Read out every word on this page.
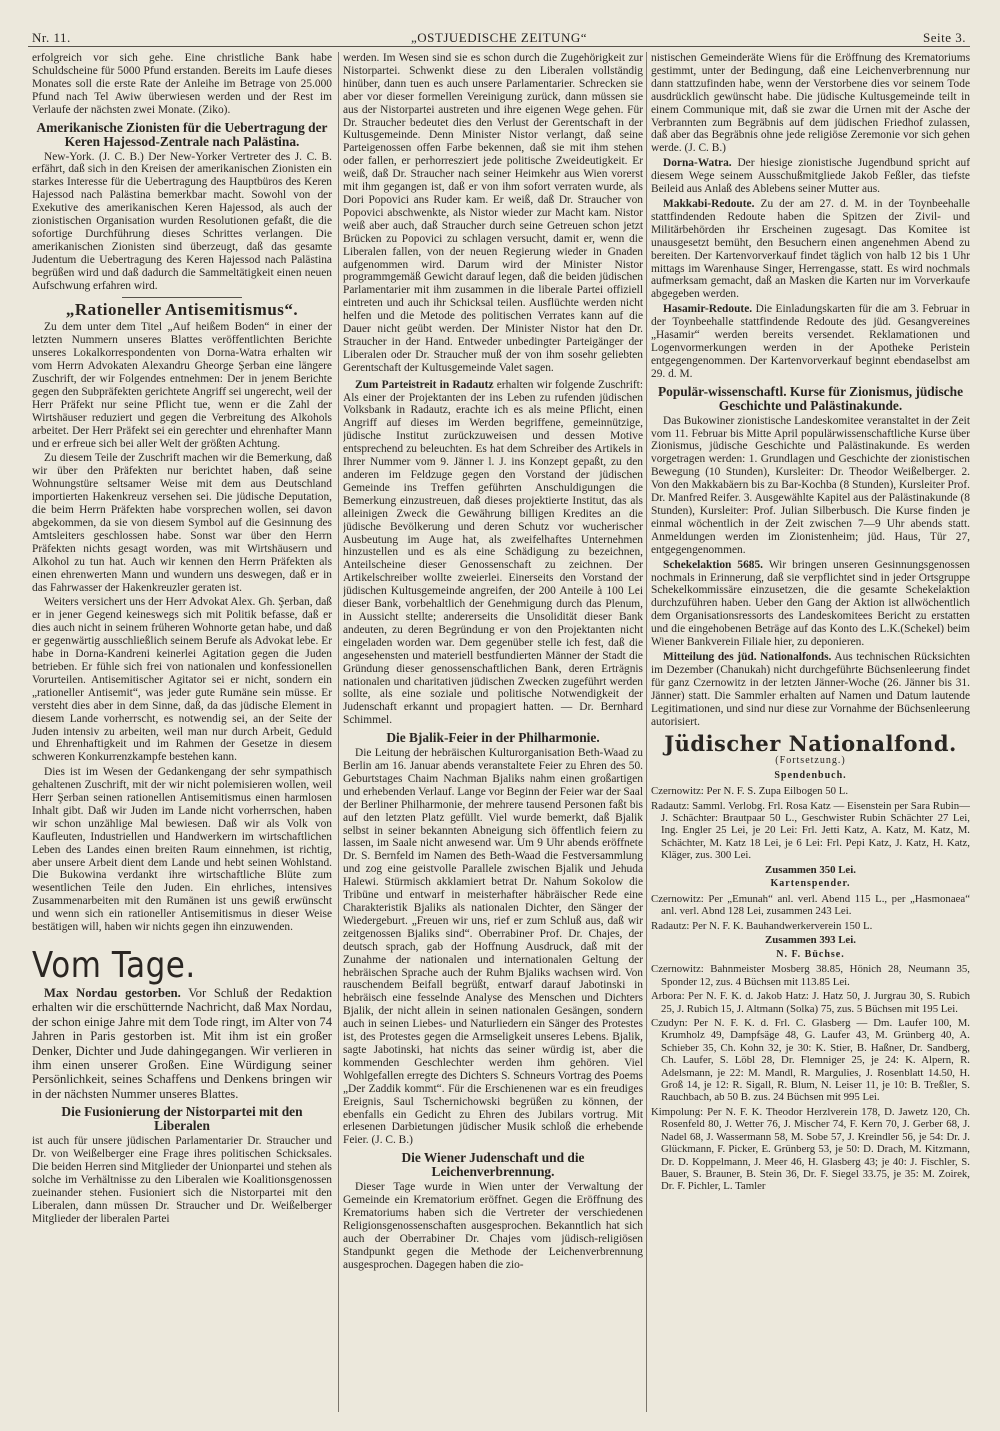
Nr. 11.	„OSTJUEDISCHE ZEITUNG“	Seite 3.

erfolgreich vor sich gehe. Eine christliche Bank habe Schuldscheine für 5000 Pfund erstanden. Bereits im Laufe dieses Monates soll die erste Rate der Anleihe im Betrage von 25.000 Pfund nach Tel Awiw überwiesen werden und der Rest im Verlaufe der nächsten zwei Monate. (Ziko).

Amerikanische Zionisten für die Uebertragung der Keren Hajessod-Zentrale nach Palästina.

New-York. (J. C. B.) Der New-Yorker Vertreter des J. C. B. erfährt, daß sich in den Kreisen der amerikanischen Zionisten ein starkes Interesse für die Uebertragung des Hauptbüros des Keren Hajessod nach Palästina bemerkbar macht. Sowohl von der Exekutive des amerikanischen Keren Hajessod, als auch der zionistischen Organisation wurden Resolutionen gefaßt, die die sofortige Durchführung dieses Schrittes verlangen. Die amerikanischen Zionisten sind überzeugt, daß das gesamte Judentum die Uebertragung des Keren Hajessod nach Palästina begrüßen wird und daß dadurch die Sammeltätigkeit einen neuen Aufschwung erfahren wird.

„Rationeller Antisemitismus“.

Zu dem unter dem Titel „Auf heißem Boden“ in einer der letzten Nummern unseres Blattes veröffentlichten Berichte unseres Lokalkorrespondenten von Dorna-Watra erhalten wir vom Herrn Advokaten Alexandru Gheorge Şerban eine längere Zuschrift, der wir Folgendes entnehmen: Der in jenem Berichte gegen den Subpräfekten gerichtete Angriff sei ungerecht, weil der Herr Präfekt nur seine Pflicht tue, wenn er die Zahl der Wirtshäuser reduziert und gegen die Verbreitung des Alkohols arbeitet. Der Herr Präfekt sei ein gerechter und ehrenhafter Mann und er erfreue sich bei aller Welt der größten Achtung.

Zu diesem Teile der Zuschrift machen wir die Bemerkung, daß wir über den Präfekten nur berichtet haben, daß seine Wohnungstüre seltsamer Weise mit dem aus Deutschland importierten Hakenkreuz versehen sei. Die jüdische Deputation, die beim Herrn Präfekten habe vorsprechen wollen, sei davon abgekommen, da sie von diesem Symbol auf die Gesinnung des Amtsleiters geschlossen habe. Sonst war über den Herrn Präfekten nichts gesagt worden, was mit Wirtshäusern und Alkohol zu tun hat. Auch wir kennen den Herrn Präfekten als einen ehrenwerten Mann und wundern uns deswegen, daß er in das Fahrwasser der Hakenkreuzler geraten ist.

Weiters versichert uns der Herr Advokat Alex. Gh. Şerban, daß er in jener Gegend keineswegs sich mit Politik befasse, daß er dies auch nicht in seinem früheren Wohnorte getan habe, und daß er gegenwärtig ausschließlich seinem Berufe als Advokat lebe. Er habe in Dorna-Kandreni keinerlei Agitation gegen die Juden betrieben. Er fühle sich frei von nationalen und konfessionellen Vorurteilen. Antisemitischer Agitator sei er nicht, sondern ein „rationeller Antisemit“, was jeder gute Rumäne sein müsse. Er versteht dies aber in dem Sinne, daß, da das jüdische Element in diesem Lande vorherrscht, es notwendig sei, an der Seite der Juden intensiv zu arbeiten, weil man nur durch Arbeit, Geduld und Ehrenhaftigkeit und im Rahmen der Gesetze in diesem schweren Konkurrenzkampfe bestehen kann.

Dies ist im Wesen der Gedankengang der sehr sympathisch gehaltenen Zuschrift, mit der wir nicht polemisieren wollen, weil Herr Şerban seinen rationellen Antisemitismus einen harmlosen Inhalt gibt. Daß wir Juden im Lande nicht vorherrschen, haben wir schon unzählige Mal bewiesen. Daß wir als Volk von Kaufleuten, Industriellen und Handwerkern im wirtschaftlichen Leben des Landes einen breiten Raum einnehmen, ist richtig, aber unsere Arbeit dient dem Lande und hebt seinen Wohlstand. Die Bukowina verdankt ihre wirtschaftliche Blüte zum wesentlichen Teile den Juden. Ein ehrliches, intensives Zusammenarbeiten mit den Rumänen ist uns gewiß erwünscht und wenn sich ein rationeller Antisemitismus in dieser Weise bestätigen will, haben wir nichts gegen ihn einzuwenden.

Vom Tage.

Max Nordau gestorben. Vor Schluß der Redaktion erhalten wir die erschütternde Nachricht, daß Max Nordau, der schon einige Jahre mit dem Tode ringt, im Alter von 74 Jahren in Paris gestorben ist. Mit ihm ist ein großer Denker, Dichter und Jude dahingegangen. Wir verlieren in ihm einen unserer Großen. Eine Würdigung seiner Persönlichkeit, seines Schaffens und Denkens bringen wir in der nächsten Nummer unseres Blattes.

Die Fusionierung der Nistorpartei mit den Liberalen

ist auch für unsere jüdischen Parlamentarier Dr. Straucher und Dr. von Weißelberger eine Frage ihres politischen Schicksales. Die beiden Herren sind Mitglieder der Unionpartei und stehen als solche im Verhältnisse zu den Liberalen wie Koalitionsgenossen zueinander stehen. Fusioniert sich die Nistorpartei mit den Liberalen, dann müssen Dr. Straucher und Dr. Weißelberger Mitglieder der liberalen Partei

werden. Im Wesen sind sie es schon durch die Zugehörigkeit zur Nistorpartei. Schwenkt diese zu den Liberalen vollständig hinüber, dann tuen es auch unsere Parlamentarier. Schrecken sie aber vor dieser formellen Vereinigung zurück, dann müssen sie aus der Nistorpartei austreten und ihre eigenen Wege gehen. Für Dr. Straucher bedeutet dies den Verlust der Gerentschaft in der Kultusgemeinde. Denn Minister Nistor verlangt, daß seine Parteigenossen offen Farbe bekennen, daß sie mit ihm stehen oder fallen, er perhorresziert jede politische Zweideutigkeit. Er weiß, daß Dr. Straucher nach seiner Heimkehr aus Wien vorerst mit ihm gegangen ist, daß er von ihm sofort verraten wurde, als Dori Popovici ans Ruder kam. Er weiß, daß Dr. Straucher von Popovici abschwenkte, als Nistor wieder zur Macht kam. Nistor weiß aber auch, daß Straucher durch seine Getreuen schon jetzt Brücken zu Popovici zu schlagen versucht, damit er, wenn die Liberalen fallen, von der neuen Regierung wieder in Gnaden aufgenommen wird. Darum wird der Minister Nistor programmgemäß Gewicht darauf legen, daß die beiden jüdischen Parlamentarier mit ihm zusammen in die liberale Partei offiziell eintreten und auch ihr Schicksal teilen. Ausflüchte werden nicht helfen und die Metode des politischen Verrates kann auf die Dauer nicht geübt werden. Der Minister Nistor hat den Dr. Straucher in der Hand. Entweder unbedingter Parteigänger der Liberalen oder Dr. Straucher muß der von ihm sosehr geliebten Gerentschaft der Kultusgemeinde Valet sagen.

Zum Parteistreit in Radautz erhalten wir folgende Zuschrift: Als einer der Projektanten der ins Leben zu rufenden jüdischen Volksbank in Radautz, erachte ich es als meine Pflicht, einen Angriff auf dieses im Werden begriffene, gemeinnützige, jüdische Institut zurückzuweisen und dessen Motive entsprechend zu beleuchten. Es hat dem Schreiber des Artikels in Ihrer Nummer vom 9. Jänner l. J. ins Konzept gepaßt, zu den anderen im Feldzuge gegen den Vorstand der jüdischen Gemeinde ins Treffen geführten Anschuldigungen die Bemerkung einzustreuen, daß dieses projektierte Institut, das als alleinigen Zweck die Gewährung billigen Kredites an die jüdische Bevölkerung und deren Schutz vor wucherischer Ausbeutung im Auge hat, als zweifelhaftes Unternehmen hinzustellen und es als eine Schädigung zu bezeichnen, Anteilscheine dieser Genossenschaft zu zeichnen. Der Artikelschreiber wollte zweierlei. Einerseits den Vorstand der jüdischen Kultusgemeinde angreifen, der 200 Anteile à 100 Lei dieser Bank, vorbehaltlich der Genehmigung durch das Plenum, in Aussicht stellte; andererseits die Unsolidität dieser Bank andeuten, zu deren Begründung er von den Projektanten nicht eingeladen worden war. Dem gegenüber stelle ich fest, daß die angesehensten und materiell bestfundierten Männer der Stadt die Gründung dieser genossenschaftlichen Bank, deren Erträgnis nationalen und charitativen jüdischen Zwecken zugeführt werden sollte, als eine soziale und politische Notwendigkeit der Judenschaft erkannt und propagiert hatten. — Dr. Bernhard Schimmel.

Die Bjalik-Feier in der Philharmonie.

Die Leitung der hebräischen Kulturorganisation Beth-Waad zu Berlin am 16. Januar abends veranstaltete Feier zu Ehren des 50. Geburtstages Chaim Nachman Bjaliks nahm einen großartigen und erhebenden Verlauf. Lange vor Beginn der Feier war der Saal der Berliner Philharmonie, der mehrere tausend Personen faßt bis auf den letzten Platz gefüllt. Viel wurde bemerkt, daß Bjalik selbst in seiner bekannten Abneigung sich öffentlich feiern zu lassen, im Saale nicht anwesend war. Um 9 Uhr abends eröffnete Dr. S. Bernfeld im Namen des Beth-Waad die Festversammlung und zog eine geistvolle Parallele zwischen Bjalik und Jehuda Halewi. Stürmisch akklamiert betrat Dr. Nahum Sokolow die Tribüne und entwarf in meisterhafter häbräischer Rede eine Charakteristik Bjaliks als nationalen Dichter, den Sänger der Wiedergeburt. „Freuen wir uns, rief er zum Schluß aus, daß wir zeitgenossen Bjaliks sind“. Oberrabiner Prof. Dr. Chajes, der deutsch sprach, gab der Hoffnung Ausdruck, daß mit der Zunahme der nationalen und internationalen Geltung der hebräischen Sprache auch der Ruhm Bjaliks wachsen wird. Von rauschendem Beifall begrüßt, entwarf darauf Jabotinski in hebräisch eine fesselnde Analyse des Menschen und Dichters Bjalik, der nicht allein in seinen nationalen Gesängen, sondern auch in seinen Liebes- und Naturliedern ein Sänger des Protestes ist, des Protestes gegen die Armseligkeit unseres Lebens. Bjalik, sagte Jabotinski, hat nichts das seiner würdig ist, aber die kommenden Geschlechter werden ihm gehören. Viel Wohlgefallen erregte des Dichters S. Schneurs Vortrag des Poems „Der Zaddik kommt“. Für die Erschienenen war es ein freudiges Ereignis, Saul Tschernichowski begrüßen zu können, der ebenfalls ein Gedicht zu Ehren des Jubilars vortrug. Mit erlesenen Darbietungen jüdischer Musik schloß die erhebende Feier. (J. C. B.)

Die Wiener Judenschaft und die Leichenverbrennung.

Dieser Tage wurde in Wien unter der Verwaltung der Gemeinde ein Krematorium eröffnet. Gegen die Eröffnung des Krematoriums haben sich die Vertreter der verschiedenen Religionsgenossenschaften ausgesprochen. Bekanntlich hat sich auch der Oberrabiner Dr. Chajes vom jüdisch-religiösen Standpunkt gegen die Methode der Leichenverbrennung ausgesprochen. Dagegen haben die zio-

nistischen Gemeinderäte Wiens für die Eröffnung des Krematoriums gestimmt, unter der Bedingung, daß eine Leichenverbrennung nur dann stattzufinden habe, wenn der Verstorbene dies vor seinem Tode ausdrücklich gewünscht habe. Die jüdische Kultusgemeinde teilt in einem Communique mit, daß sie zwar die Urnen mit der Asche der Verbrannten zum Begräbnis auf dem jüdischen Friedhof zulassen, daß aber das Begräbnis ohne jede religiöse Zeremonie vor sich gehen werde. (J. C. B.)

Dorna-Watra. Der hiesige zionistische Jugendbund spricht auf diesem Wege seinem Ausschußmitgliede Jakob Feßler, das tiefste Beileid aus Anlaß des Ablebens seiner Mutter aus.

Makkabi-Redoute. Zu der am 27. d. M. in der Toynbeehalle stattfindenden Redoute haben die Spitzen der Zivil- und Militärbehörden ihr Erscheinen zugesagt. Das Komitee ist unausgesetzt bemüht, den Besuchern einen angenehmen Abend zu bereiten. Der Kartenvorverkauf findet täglich von halb 12 bis 1 Uhr mittags im Warenhause Singer, Herrengasse, statt. Es wird nochmals aufmerksam gemacht, daß an Masken die Karten nur im Vorverkaufe abgegeben werden.

Hasamir-Redoute. Die Einladungskarten für die am 3. Februar in der Toynbeehalle stattfindende Redoute des jüd. Gesangvereines „Hasamir“ werden bereits versendet. Reklamationen und Logenvormerkungen werden in der Apotheke Peristein entgegengenommen. Der Kartenvorverkauf beginnt ebendaselbst am 29. d. M.

Populär-wissenschaftl. Kurse für Zionismus, jüdische Geschichte und Palästinakunde.

Das Bukowiner zionistische Landeskomitee veranstaltet in der Zeit vom 11. Februar bis Mitte April populärwissenschaftliche Kurse über Zionismus, jüdische Geschichte und Palästinakunde. Es werden vorgetragen werden: 1. Grundlagen und Geschichte der zionistischen Bewegung (10 Stunden), Kursleiter: Dr. Theodor Weißelberger. 2. Von den Makkabäern bis zu Bar-Kochba (8 Stunden), Kursleiter Prof. Dr. Manfred Reifer. 3. Ausgewählte Kapitel aus der Palästinakunde (8 Stunden), Kursleiter: Prof. Julian Silberbusch. Die Kurse finden je einmal wöchentlich in der Zeit zwischen 7—9 Uhr abends statt. Anmeldungen werden im Zionistenheim; jüd. Haus, Tür 27, entgegengenommen.

Schekelaktion 5685. Wir bringen unseren Gesinnungsgenossen nochmals in Erinnerung, daß sie verpflichtet sind in jeder Ortsgruppe Schekelkommissäre einzusetzen, die die gesamte Schekelaktion durchzuführen haben. Ueber den Gang der Aktion ist allwöchentlich dem Organisationsressorts des Landeskomitees Bericht zu erstatten und die eingehobenen Beträge auf das Konto des L.K.(Schekel) beim Wiener Bankverein Filiale hier, zu deponieren.

Mitteilung des jüd. Nationalfonds. Aus technischen Rücksichten im Dezember (Chanukah) nicht durchgeführte Büchsenleerung findet für ganz Czernowitz in der letzten Jänner-Woche (26. Jänner bis 31. Jänner) statt. Die Sammler erhalten auf Namen und Datum lautende Legitimationen, und sind nur diese zur Vornahme der Büchsenleerung autorisiert.

Jüdischer Nationalfond.

(Fortsetzung.)

Spendenbuch.

Czernowitz: Per N. F. S. Zupa Eilbogen 50 L.

Radautz: Samml. Verlobg. Frl. Rosa Katz — Eisenstein per Sara Rubin—J. Schächter: Brautpaar 50 L., Geschwister Rubin Schächter 27 Lei, Ing. Engler 25 Lei, je 20 Lei: Frl. Jetti Katz, A. Katz, M. Katz, M. Schächter, M. Katz 18 Lei, je 6 Lei: Frl. Pepi Katz, J. Katz, H. Katz, Kläger, zus. 300 Lei.

Zusammen 350 Lei.

Kartenspender.

Czernowitz: Per „Emunah“ anl. verl. Abend 115 L., per „Hasmonaea“ anl. verl. Abnd 128 Lei, zusammen 243 Lei.

Radautz: Per N. F. K. Bauhandwerkerverein 150 L.

Zusammen 393 Lei.

N. F. Büchse.

Czernowitz: Bahnmeister Mosberg 38.85, Hönich 28, Neumann 35, Sponder 12, zus. 4 Büchsen mit 113.85 Lei.

Arbora: Per N. F. K. d. Jakob Hatz: J. Hatz 50, J. Jurgrau 30, S. Rubich 25, J. Rubich 15, J. Altmann (Solka) 75, zus. 5 Büchsen mit 195 Lei.

Czudyn: Per N. F. K. d. Frl. C. Glasberg — Dm. Laufer 100, M. Krumholz 49, Dampfsäge 48, G. Laufer 43, M. Grünberg 40, A. Schieber 35, Ch. Kohn 32, je 30: K. Stier, B. Haßner, Dr. Sandberg, Ch. Laufer, S. Löbl 28, Dr. Flemniger 25, je 24: K. Alpern, R. Adelsmann, je 22: M. Mandl, R. Margulies, J. Rosenblatt 14.50, H. Groß 14, je 12: R. Sigall, R. Blum, N. Leiser 11, je 10: B. Treßler, S. Rauchbach, ab 50 B. zus. 24 Büchsen mit 995 Lei.

Kimpolung: Per N. F. K. Theodor Herzlverein 178, D. Jawetz 120, Ch. Rosenfeld 80, J. Wetter 76, J. Mischer 74, F. Kern 70, J. Gerber 68, J. Nadel 68, J. Wassermann 58, M. Sobe 57, J. Kreindler 56, je 54: Dr. J. Glückmann, F. Picker, E. Grünberg 53, je 50: D. Drach, M. Kitzmann, Dr. D. Koppelmann, J. Meer 46, H. Glasberg 43; je 40: J. Fischler, S. Bauer, S. Brauner, B. Stein 36, Dr. F. Siegel 33.75, je 35: M. Zoirek, Dr. F. Pichler, L. Tamler
